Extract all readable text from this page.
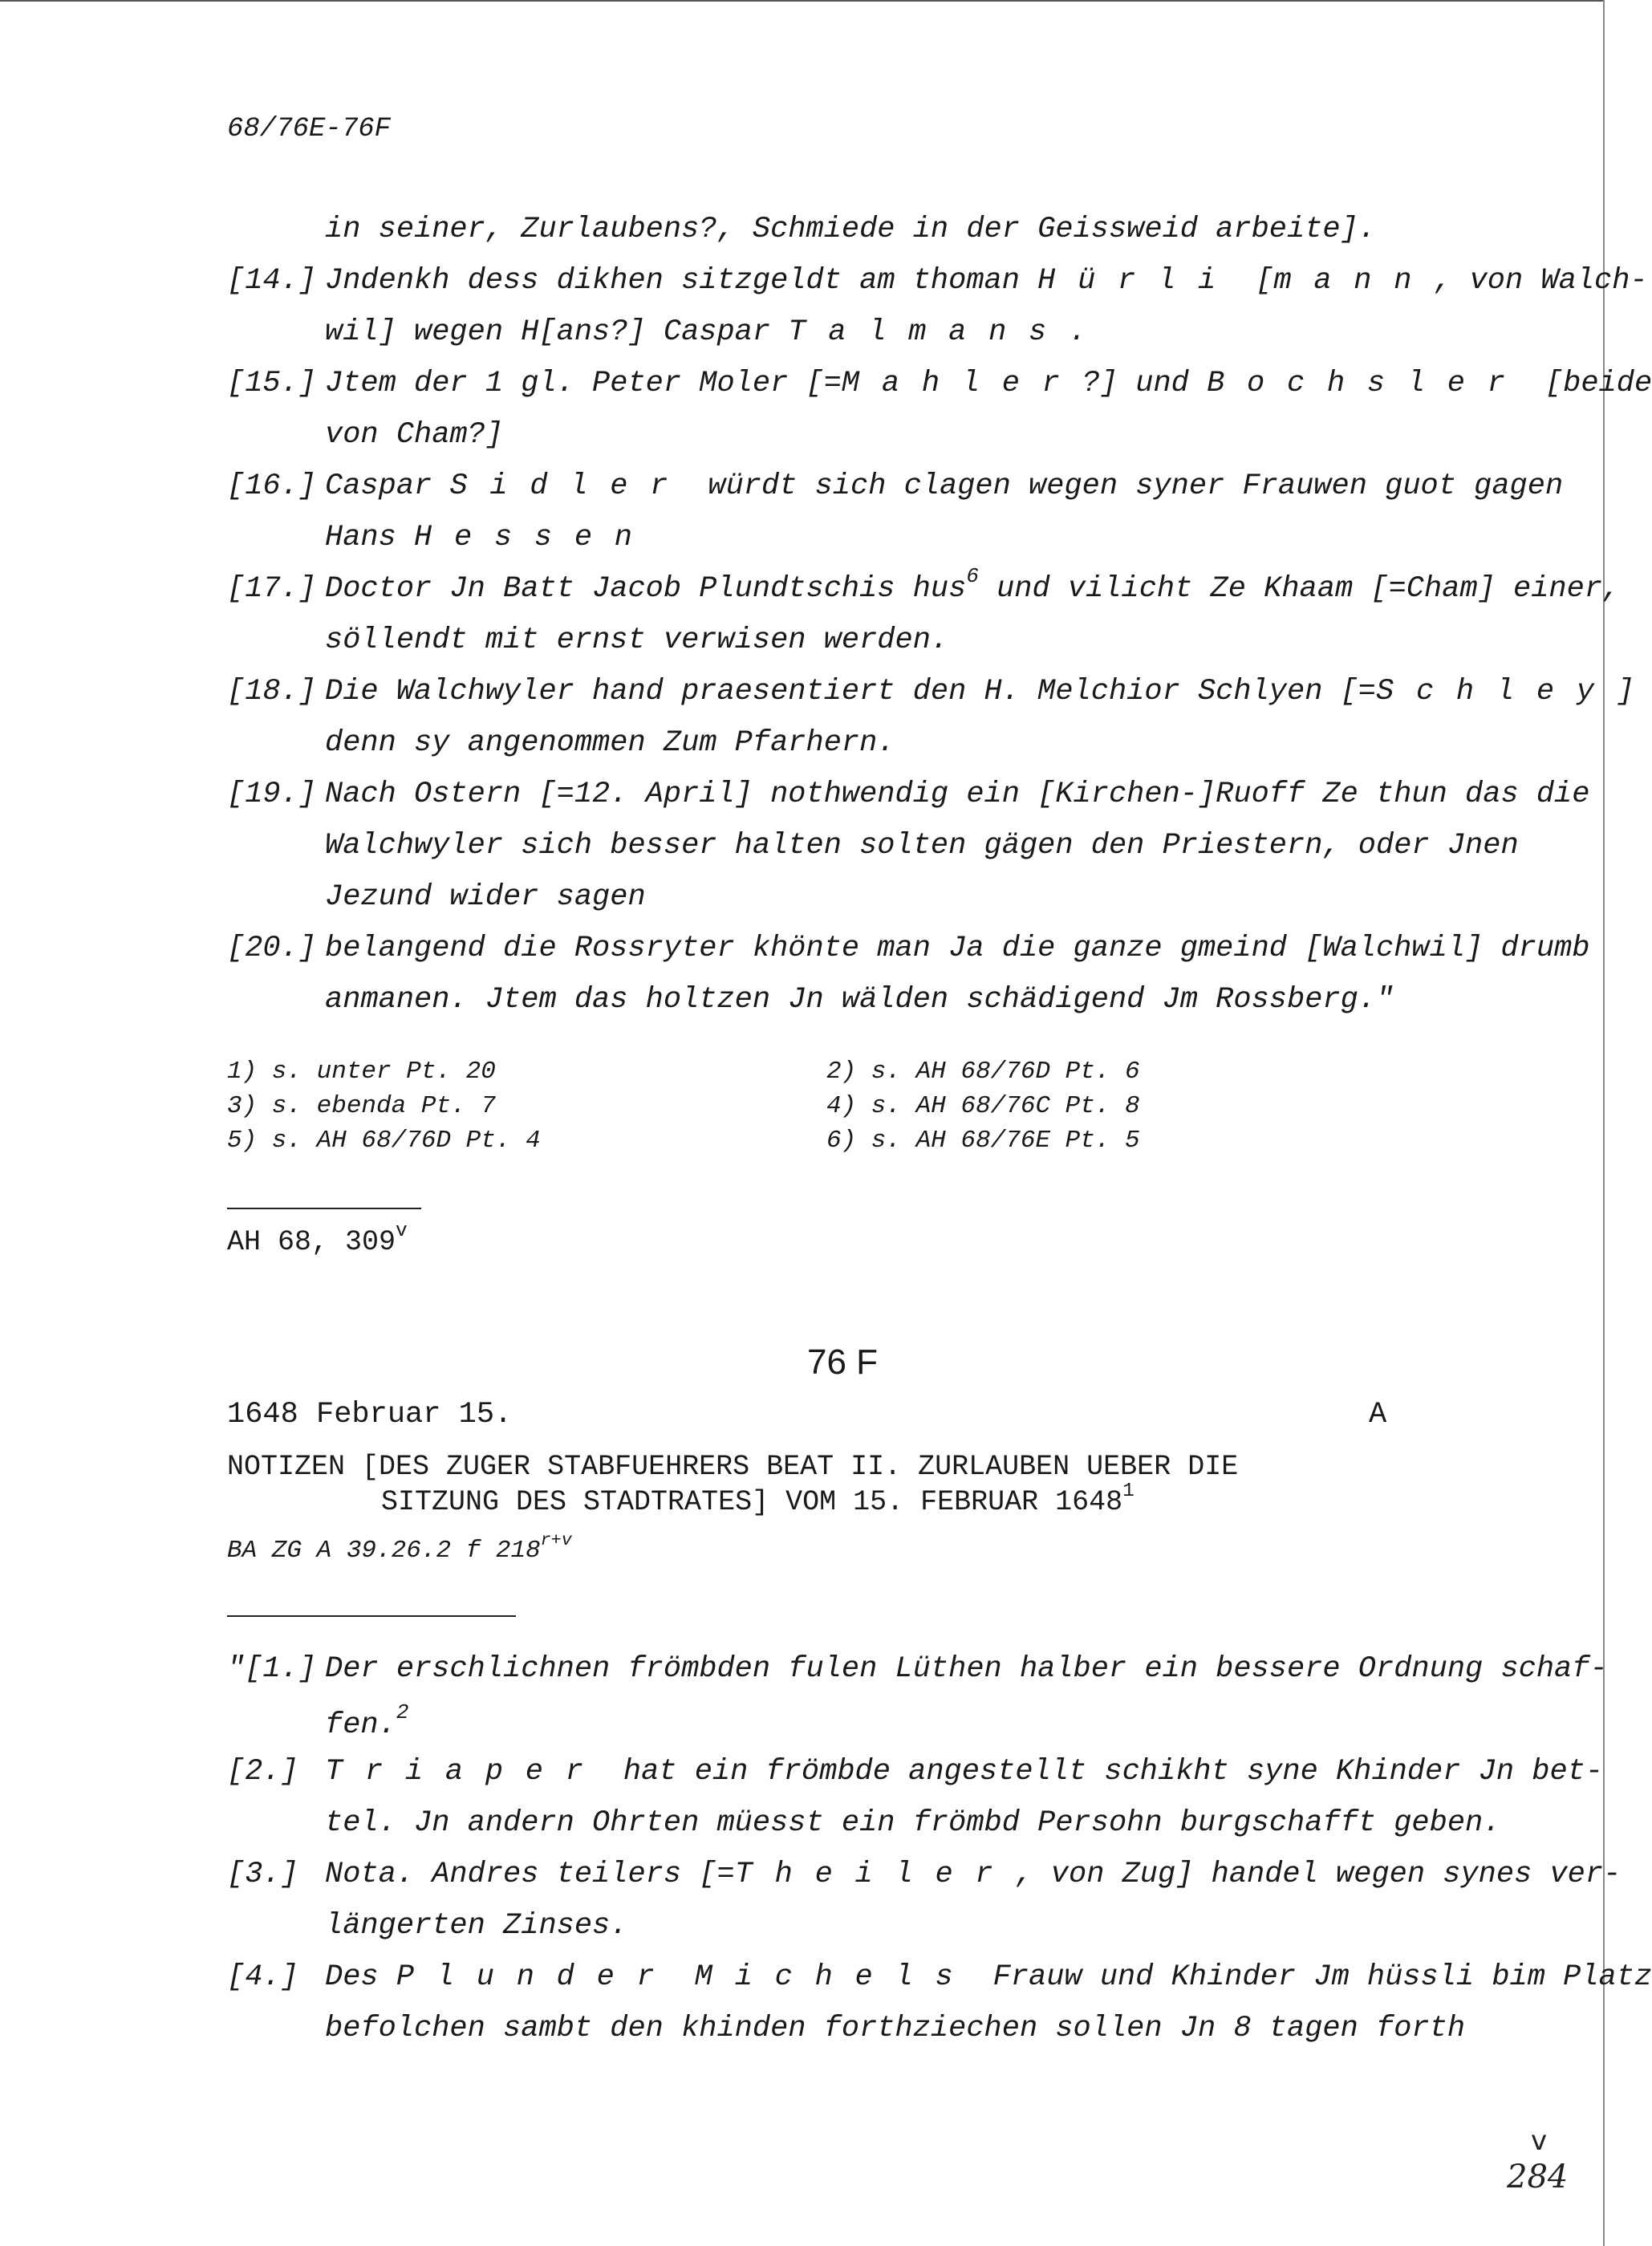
68/76E-76F
in seiner, Zurlaubens?, Schmiede in der Geissweid arbeite].
[14.] Jndenkh dess dikhen sitzgeldt am thoman Hürli [mann, von Walch-
wil] wegen H[ans?] Caspar Talmans.
[15.] Jtem der 1 gl. Peter Moler [=Mahler?] und Bochsler [beide
von Cham?]
[16.] Caspar Sidler würdt sich clagen wegen syner Frauwen guot gagen
Hans Hessen
[17.] Doctor Jn Batt Jacob Plundtschis hus$^6$ und vilicht Ze Khaam [=Cham] einer,
söllendt mit ernst verwisen werden.
[18.] Die Walchwyler hand praesentiert den H. Melchior Schlyen [=Schley]
denn sy angenommen Zum Pfarhern.
[19.] Nach Ostern [=12. April] nothwendig ein [Kirchen-]Ruoff Ze thun das die
Walchwyler sich besser halten solten gägen den Priestern, oder Jnen
Jezund wider sagen
[20.] belangend die Rossryter khönte man Ja die ganze gmeind [Walchwil] drumb
anmanen. Jtem das holtzen Jn wälden schädigend Jm Rossberg."
1) s. unter Pt. 20	2) s. AH 68/76D Pt. 6
3) s. ebenda Pt. 7	4) s. AH 68/76C Pt. 8
5) s. AH 68/76D Pt. 4	6) s. AH 68/76E Pt. 5
AH 68, 309$^v$
76 F
1648 Februar 15.	A
NOTIZEN [DES ZUGER STABFUEHRERS BEAT II. ZURLAUBEN UEBER DIE
SITZUNG DES STADTRATES] VOM 15. FEBRUAR 1648$^1$
BA ZG A 39.26.2 f $218^{r+v}$
"[1.] Der erschlichnen frömbden fulen Lüthen halber ein bessere Ordnung schaf-
fen.$^2$
[2.] Triaper hat ein frömbde angestellt schikht syne Khinder Jn bet-
tel. Jn andern Ohrten müesst ein frömbd Persohn burgschafft geben.
[3.] Nota. Andres teilers [=Theiler, von Zug] handel wegen synes ver-
längerten Zinses.
[4.] Des Plunder Michels Frauw und Khinder Jm hüssli bim Platz
befolchen sambt den khinden forthziechen sollen Jn 8 tagen forth
v
284
